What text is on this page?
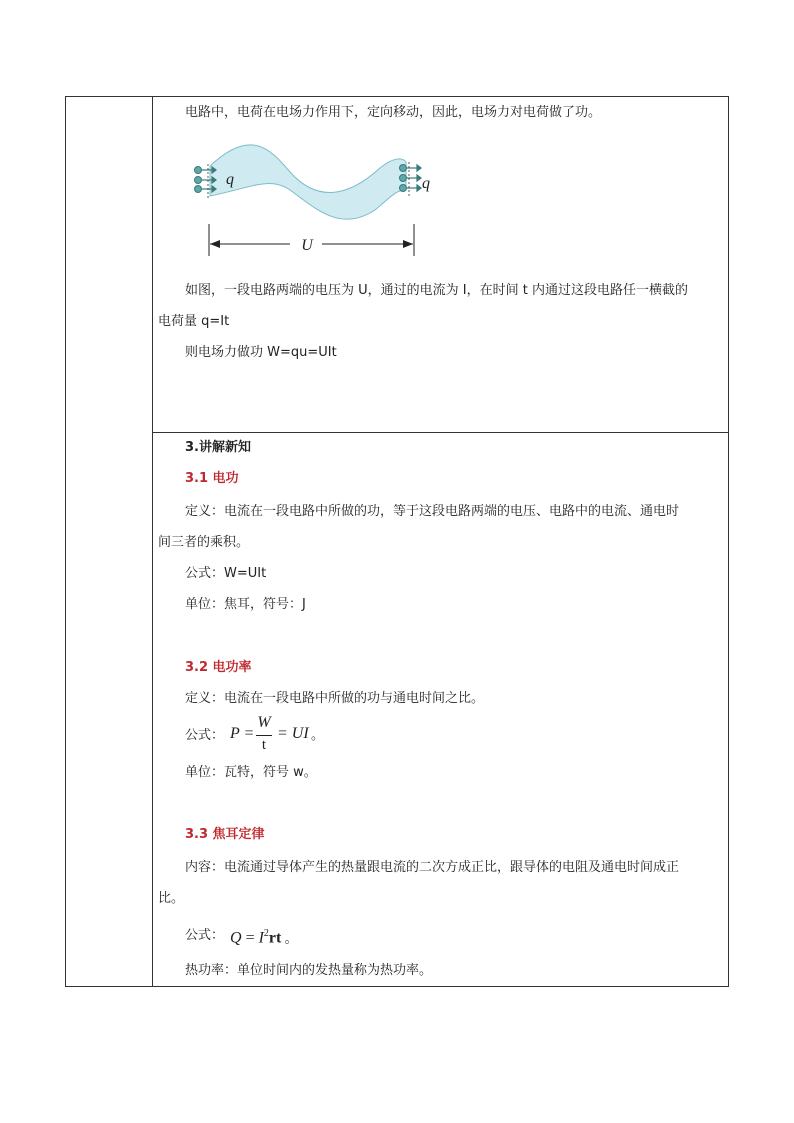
电路中，电荷在电场力作用下，定向移动，因此，电场力对电荷做了功。
q	q
U
如图，一段电路两端的电压为 U，通过的电流为 I，在时间 t 内通过这段电路任一横截的
电荷量 q=It
则电场力做功 W=qu=UIt
3.讲解新知
3.1 电功
定义：电流在一段电路中所做的功，等于这段电路两端的电压、电路中的电流、通电时
间三者的乘积。
公式：W=UIt
单位：焦耳，符号：J
3.2 电功率
定义：电流在一段电路中所做的功与通电时间之比。
公式： P =
W
t
= UI 。
单位：瓦特，符号 w。
3.3 焦耳定律
内容：电流通过导体产生的热量跟电流的二次方成正比，跟导体的电阻及通电时间成正
比。
公式： $Q = I^2rt$ 。
热功率：单位时间内的发热量称为热功率。
